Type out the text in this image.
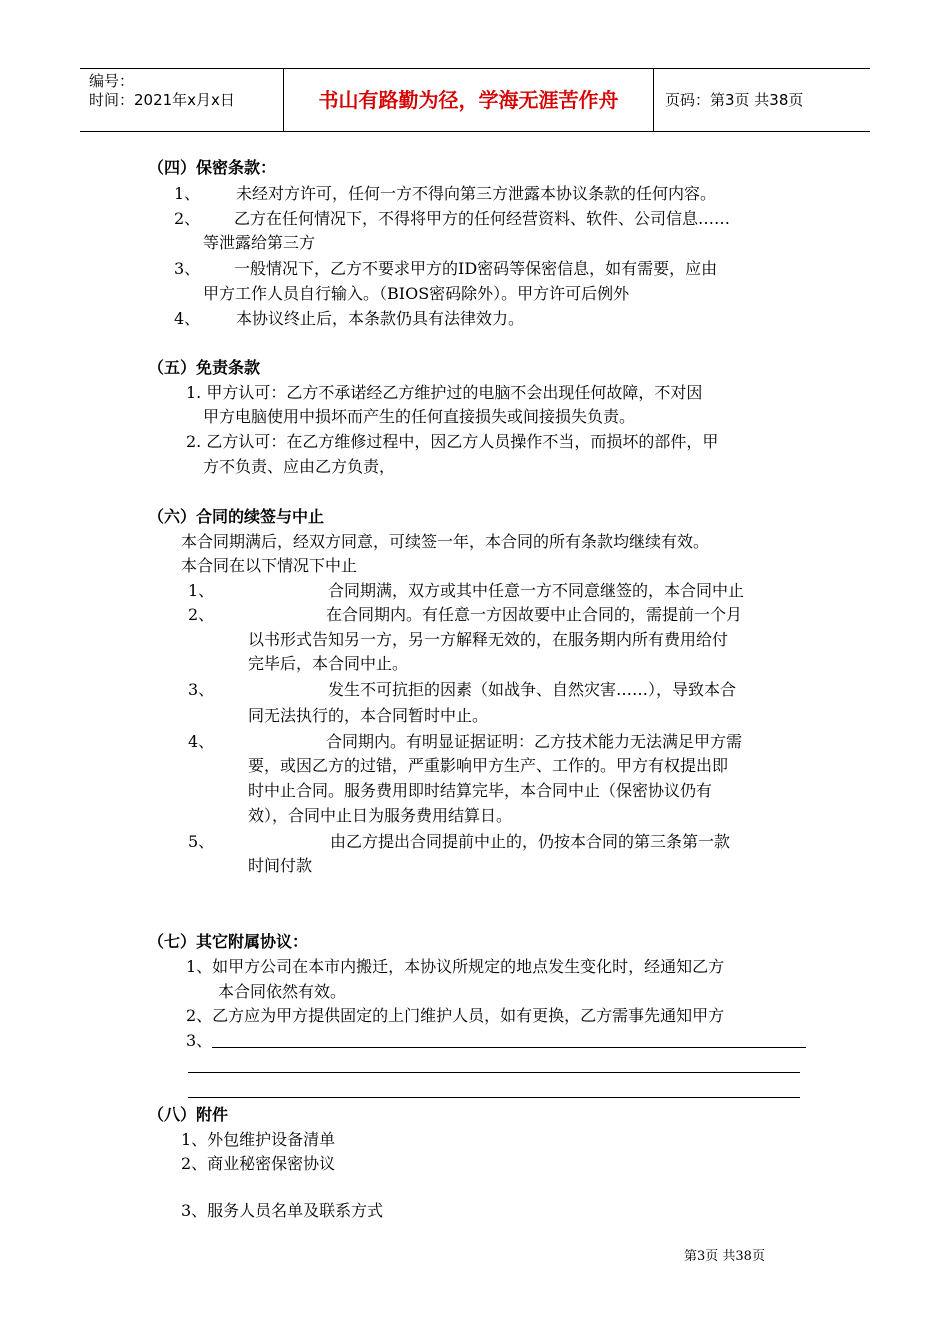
编号：
时间：2021年x月x日	书山有路勤为径，学海无涯苦作舟	页码：第3页 共38页
（四）保密条款：
1、 未经对方许可，任何一方不得向第三方泄露本协议条款的任何内容。
2、 乙方在任何情况下，不得将甲方的任何经营资料、软件、公司信息……
等泄露给第三方
3、 一般情况下，乙方不要求甲方的ID密码等保密信息，如有需要，应由
甲方工作人员自行输入。（BIOS密码除外）。甲方许可后例外
4、 本协议终止后，本条款仍具有法律效力。
（五）免责条款
1. 甲方认可：乙方不承诺经乙方维护过的电脑不会出现任何故障，不对因
甲方电脑使用中损坏而产生的任何直接损失或间接损失负责。
2. 乙方认可：在乙方维修过程中，因乙方人员操作不当，而损坏的部件，甲
方不负责、应由乙方负责，
（六）合同的续签与中止
本合同期满后，经双方同意，可续签一年，本合同的所有条款均继续有效。
本合同在以下情况下中止
1、	合同期满，双方或其中任意一方不同意继签的，本合同中止
2、	在合同期内。有任意一方因故要中止合同的，需提前一个月
以书形式告知另一方，另一方解释无效的，在服务期内所有费用给付
完毕后，本合同中止。
3、	发生不可抗拒的因素（如战争、自然灾害……），导致本合
同无法执行的，本合同暂时中止。
4、	合同期内。有明显证据证明：乙方技术能力无法满足甲方需
要，或因乙方的过错，严重影响甲方生产、工作的。甲方有权提出即
时中止合同。服务费用即时结算完毕，本合同中止（保密协议仍有
效），合同中止日为服务费用结算日。
5、	由乙方提出合同提前中止的，仍按本合同的第三条第一款
时间付款
（七）其它附属协议：
1、如甲方公司在本市内搬迁，本协议所规定的地点发生变化时，经通知乙方
本合同依然有效。
2、乙方应为甲方提供固定的上门维护人员，如有更换，乙方需事先通知甲方
3、
（八）附件
1、外包维护设备清单
2、商业秘密保密协议
3、服务人员名单及联系方式
第3页 共38页
